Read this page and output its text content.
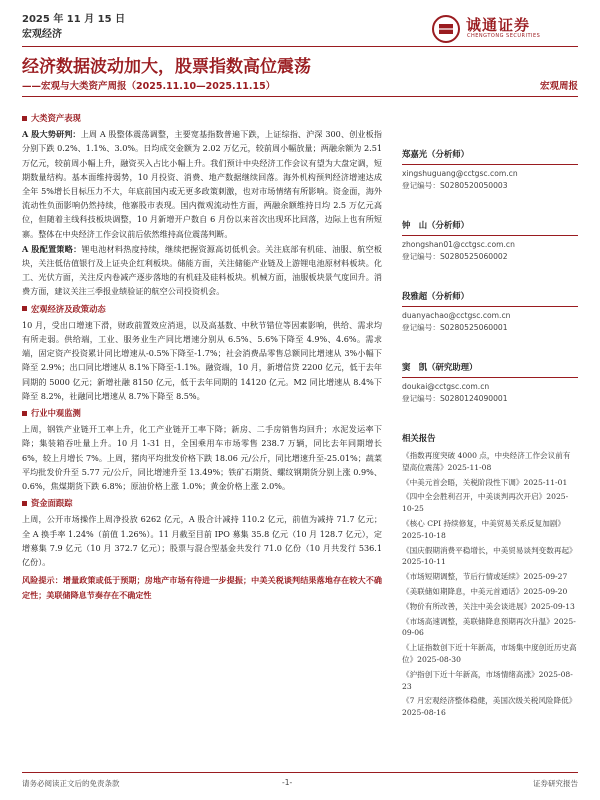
2025 年 11 月 15 日
宏观经济
诚通证券
CHENGTONG SECURITIES
经济数据波动加大，股票指数高位震荡
——宏观与大类资产周报（2025.11.10—2025.11.15）	宏观周报
大类资产表现

A 股大势研判：上周 A 股整体震荡调整，主要宽基指数普遍下跌，上证综指、沪深 300、创业板指分别下跌 0.2%、1.1%、3.0%。日均成交金额为 2.02 万亿元，较前周小幅放量；两融余额为 2.51 万亿元，较前周小幅上升，融资买入占比小幅上升。我们预计中央经济工作会议有望为大盘定调，短期数量结构。基本面维持弱势，10 月投资、消费、地产数据继续回落。海外机构预判经济增速达成全年 5%增长目标压力不大，年底前国内或无更多政策刺激，也对市场情绪有所影响。资金面，海外流动性负面影响仍然持续，他寨股市表现。国内微观流动性方面，两融余额维持日均 2.5 万亿元高位，但随着主线科技板块调整，10 月新增开户数自 6 月份以来首次出现环比回落，边际上也有所短寨。整体在中央经济工作会议前后依然维持高位震荡判断。

A 股配置策略：锂电池材料热度持续，继续把握资源高切低机会。关注底部有机硅、油服、航空板块，关注低估值银行及上证央企红利板块。储能方面，关注储能产业链及上游锂电池原材料板块。化工、光伏方面，关注反内卷减产逐步落地的有机硅及硅料板块。机械方面，油服板块景气度回升。消费方面，建议关注三季报业绩验证的航空公司投资机会。

宏观经济及政策动态

10 月，受出口增速下滑，财政前置效应消退，以及高基数、中秋节错位等因素影响，供给、需求均有所走弱。供给端，工业、服务业生产同比增速分别从 6.5%、5.6%下降至 4.9%、4.6%。需求端，固定资产投资累计同比增速从-0.5%下降至-1.7%；社会消费品零售总额同比增速从 3%小幅下降至 2.9%；出口同比增速从 8.1%下降至-1.1%。融资端，10 月，新增信贷 2200 亿元，低于去年同期的 5000 亿元；新增社融 8150 亿元，低于去年同期的 14120 亿元。M2 同比增速从 8.4%下降至 8.2%，社融同比增速从 8.7%下降至 8.5%。

行业中观监测

上周，钢铁产业链开工率上升，化工产业链开工率下降；新房、二手房销售均回升；水泥发运率下降；集装箱吞吐量上升。10 月 1-31 日，全国乘用车市场零售 238.7 万辆，同比去年同期增长 6%，较上月增长 7%。上周，猪肉平均批发价格下跌 18.06 元/公斤，同比增速升至-25.01%；蔬菜平均批发价升至 5.77 元/公斤，同比增速升至 13.49%；铁矿石期货、螺纹钢期货分别上涨 0.9%、0.6%，焦煤期货下跌 6.8%；原油价格上涨 1.0%；黄金价格上涨 2.0%。

资金面跟踪

上周，公开市场操作上周净投放 6262 亿元，A 股合计减持 110.2 亿元，前值为减持 71.7 亿元；全 A 换手率 1.24%（前值 1.26%）。11 月截至目前 IPO 募集 35.8 亿元（10 月 128.7 亿元），定增募集 7.9 亿元（10 月 372.7 亿元）；股票与混合型基金共发行 71.0 亿份（10 月共发行 536.1 亿份）。

风险提示：增量政策或低于预期；房地产市场有待进一步提振；中美关税谈判结果落地存在较大不确定性；美联储降息节奏存在不确定性
郑嘉光（分析师）
xingshuguang@cctgsc.com.cn
登记编号：S0280520050003
钟　山（分析师）
zhongshan01@cctgsc.com.cn
登记编号：S0280525060002
段雅超（分析师）
duanyachao@cctgsc.com.cn
登记编号：S0280525060001
窦　凯（研究助理）
doukai@cctgsc.com.cn
登记编号：S0280124090001
相关报告
《指数再度突破 4000 点，中央经济工作会议前有望高位震荡》2025-11-08
《中美元首会晤，关税阶段性下调》2025-11-01
《四中全会胜利召开，中美谈判再次开启》2025-10-25
《核心 CPI 持续修复，中美贸易关系反复加剧》2025-10-18
《国庆假期消费平稳增长，中美贸易谈判变数再起》2025-10-11
《市场短期调整，节后行情或延续》2025-09-27
《美联储如期降息，中美元首通话》2025-09-20
《物价有所改善，关注中美会谈进展》2025-09-13
《市场高速调整，美联储降息预期再次升温》2025-09-06
《上证指数创下近十年新高，市场集中度创近历史高位》2025-08-30
《沪指创下近十年新高，市场情绪高涨》2025-08-23
《7 月宏观经济整体稳健，美国次级关税风险降低》2025-08-16
请务必阅读正文后的免责条款	-1-	证券研究报告
